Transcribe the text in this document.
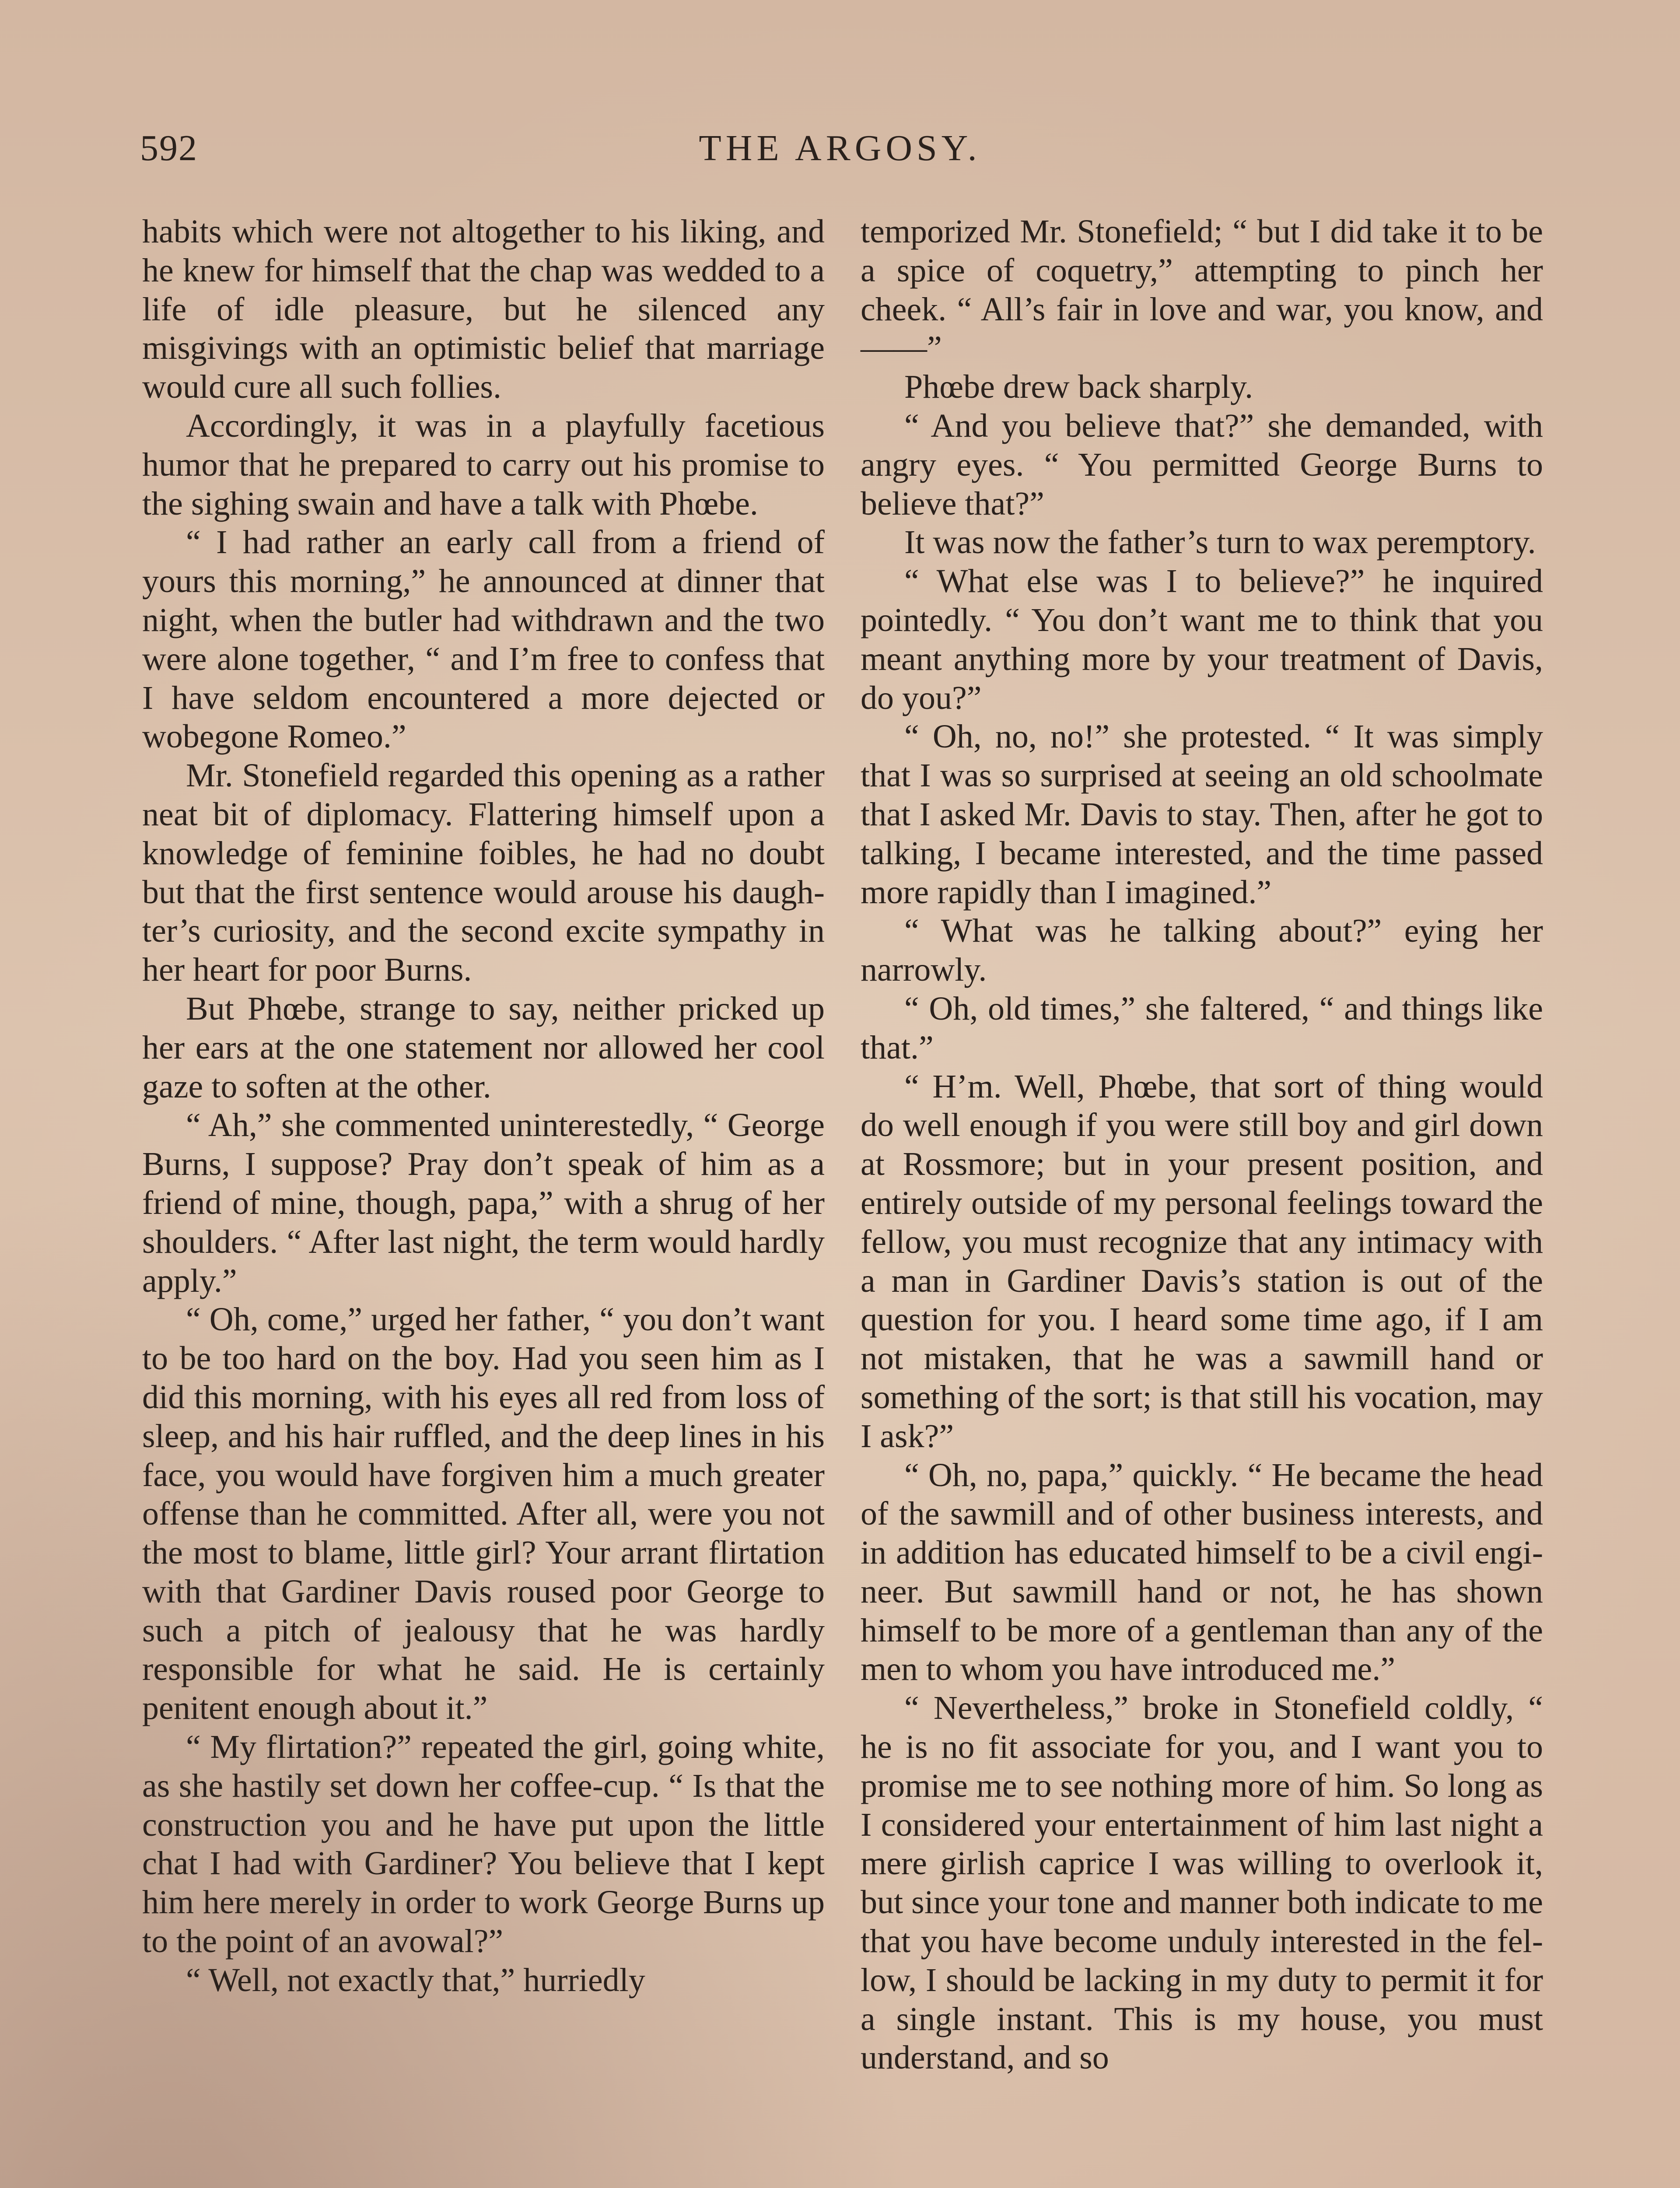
592	THE ARGOSY.

habits which were not altogether to his liking, and he knew for himself that the chap was wedded to a life of idle pleasure, but he silenced any misgivings with an optimistic belief that marriage would cure all such follies.

Accordingly, it was in a playfully facetious humor that he prepared to carry out his promise to the sighing swain and have a talk with Phœbe.

“ I had rather an early call from a friend of yours this morning,” he announced at dinner that night, when the butler had withdrawn and the two were alone together, “ and I’m free to confess that I have seldom encountered a more dejected or wobegone Romeo.”

Mr. Stonefield regarded this opening as a rather neat bit of diplomacy. Flattering himself upon a knowledge of feminine foibles, he had no doubt but that the first sentence would arouse his daughter’s curiosity, and the second excite sympathy in her heart for poor Burns.

But Phœbe, strange to say, neither pricked up her ears at the one statement nor allowed her cool gaze to soften at the other.

“ Ah,” she commented uninterestedly, “ George Burns, I suppose? Pray don’t speak of him as a friend of mine, though, papa,” with a shrug of her shoulders. “ After last night, the term would hardly apply.”

“ Oh, come,” urged her father, “ you don’t want to be too hard on the boy. Had you seen him as I did this morning, with his eyes all red from loss of sleep, and his hair ruffled, and the deep lines in his face, you would have forgiven him a much greater offense than he committed. After all, were you not the most to blame, little girl? Your arrant flirtation with that Gardiner Davis roused poor George to such a pitch of jealousy that he was hardly responsible for what he said. He is certainly penitent enough about it.”

“ My flirtation?” repeated the girl, going white, as she hastily set down her coffee-cup. “ Is that the construction you and he have put upon the little chat I had with Gardiner? You believe that I kept him here merely in order to work George Burns up to the point of an avowal?”

“ Well, not exactly that,” hurriedly

temporized Mr. Stonefield; “ but I did take it to be a spice of coquetry,” attempting to pinch her cheek. “ All’s fair in love and war, you know, and——”

Phœbe drew back sharply.

“ And you believe that?” she demanded, with angry eyes. “ You permitted George Burns to believe that?”

It was now the father’s turn to wax peremptory.

“ What else was I to believe?” he inquired pointedly. “ You don’t want me to think that you meant anything more by your treatment of Davis, do you?”

“ Oh, no, no!” she protested. “ It was simply that I was so surprised at seeing an old schoolmate that I asked Mr. Davis to stay. Then, after he got to talking, I became interested, and the time passed more rapidly than I imagined.”

“ What was he talking about?” eying her narrowly.

“ Oh, old times,” she faltered, “ and things like that.”

“ H’m. Well, Phœbe, that sort of thing would do well enough if you were still boy and girl down at Rossmore; but in your present position, and entirely outside of my personal feelings toward the fellow, you must recognize that any intimacy with a man in Gardiner Davis’s station is out of the question for you. I heard some time ago, if I am not mistaken, that he was a sawmill hand or something of the sort; is that still his vocation, may I ask?”

“ Oh, no, papa,” quickly. “ He became the head of the sawmill and of other business interests, and in addition has educated himself to be a civil engineer. But sawmill hand or not, he has shown himself to be more of a gentleman than any of the men to whom you have introduced me.”

“ Nevertheless,” broke in Stonefield coldly, “ he is no fit associate for you, and I want you to promise me to see nothing more of him. So long as I considered your entertainment of him last night a mere girlish caprice I was willing to overlook it, but since your tone and manner both indicate to me that you have become unduly interested in the fellow, I should be lacking in my duty to permit it for a single instant. This is my house, you must understand, and so
